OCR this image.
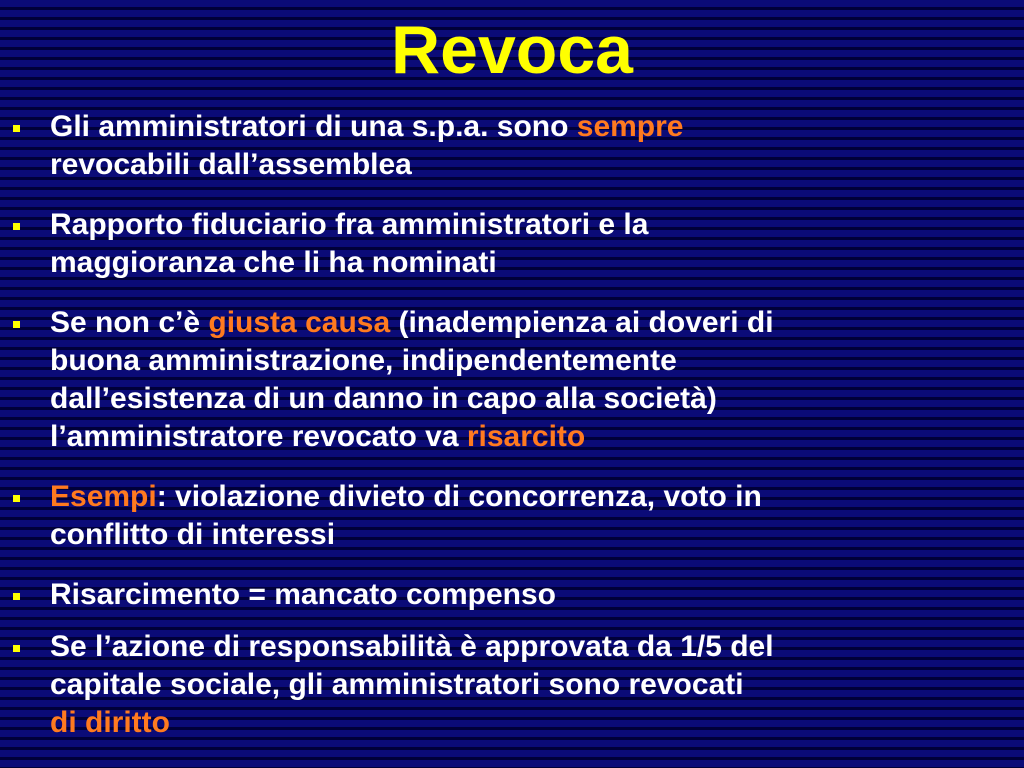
Revoca
Gli amministratori di una s.p.a. sono sempre
revocabili dall’assemblea
Rapporto fiduciario fra amministratori e la
maggioranza che li ha nominati
Se non c’è giusta causa (inadempienza ai doveri di
buona amministrazione, indipendentemente
dall’esistenza di un danno in capo alla società)
l’amministratore revocato va risarcito
Esempi: violazione divieto di concorrenza, voto in
conflitto di interessi
Risarcimento = mancato compenso
Se l’azione di responsabilità è approvata da 1/5 del
capitale sociale, gli amministratori sono revocati
di diritto
